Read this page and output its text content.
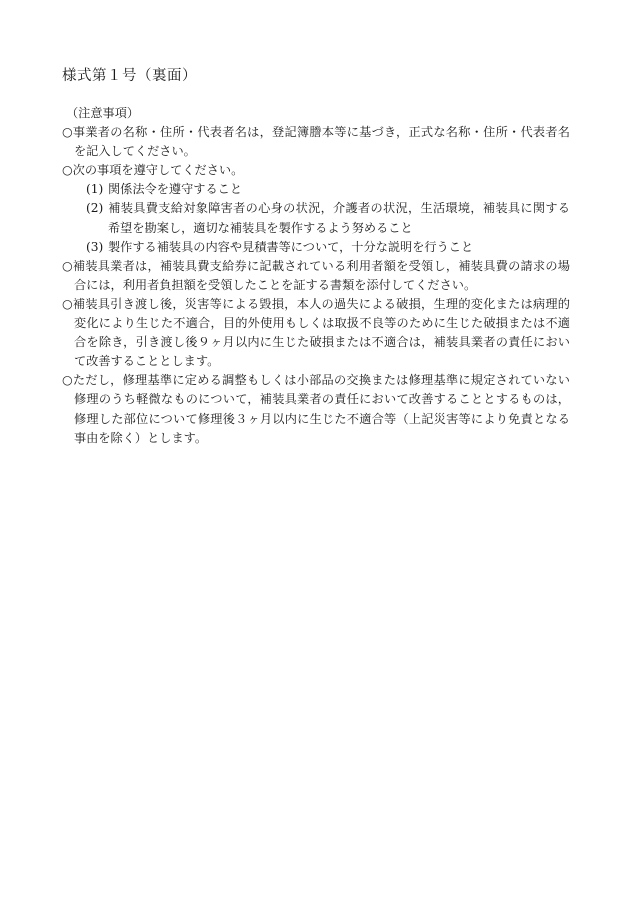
様式第１号（裏面）
（注意事項）
○事業者の名称・住所・代表者名は，登記簿謄本等に基づき，正式な名称・住所・代表者名を記入してください。
○次の事項を遵守してください。
(1) 関係法令を遵守すること
(2) 補装具費支給対象障害者の心身の状況，介護者の状況，生活環境，補装具に関する希望を勘案し，適切な補装具を製作するよう努めること
(3) 製作する補装具の内容や見積書等について，十分な説明を行うこと
○補装具業者は，補装具費支給券に記載されている利用者額を受領し，補装具費の請求の場合には，利用者負担額を受領したことを証する書類を添付してください。
○補装具引き渡し後，災害等による毀損，本人の過失による破損，生理的変化または病理的変化により生じた不適合，目的外使用もしくは取扱不良等のために生じた破損または不適合を除き，引き渡し後９ヶ月以内に生じた破損または不適合は，補装具業者の責任において改善することとします。
○ただし，修理基準に定める調整もしくは小部品の交換または修理基準に規定されていない修理のうち軽微なものについて，補装具業者の責任において改善することとするものは，修理した部位について修理後３ヶ月以内に生じた不適合等（上記災害等により免責となる事由を除く）とします。
